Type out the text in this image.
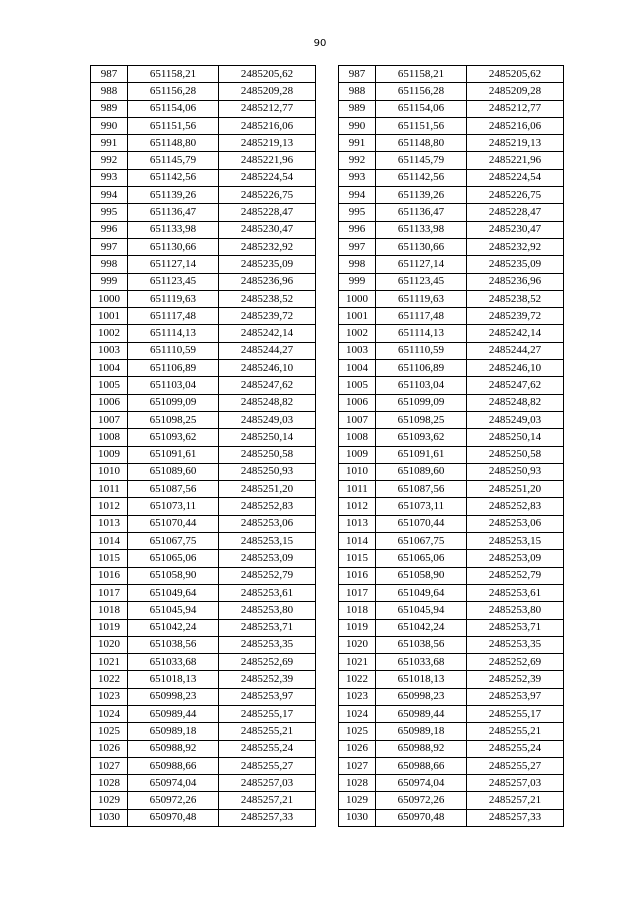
90
987	651158,21	2485205,62
988	651156,28	2485209,28
989	651154,06	2485212,77
990	651151,56	2485216,06
991	651148,80	2485219,13
992	651145,79	2485221,96
993	651142,56	2485224,54
994	651139,26	2485226,75
995	651136,47	2485228,47
996	651133,98	2485230,47
997	651130,66	2485232,92
998	651127,14	2485235,09
999	651123,45	2485236,96
1000	651119,63	2485238,52
1001	651117,48	2485239,72
1002	651114,13	2485242,14
1003	651110,59	2485244,27
1004	651106,89	2485246,10
1005	651103,04	2485247,62
1006	651099,09	2485248,82
1007	651098,25	2485249,03
1008	651093,62	2485250,14
1009	651091,61	2485250,58
1010	651089,60	2485250,93
1011	651087,56	2485251,20
1012	651073,11	2485252,83
1013	651070,44	2485253,06
1014	651067,75	2485253,15
1015	651065,06	2485253,09
1016	651058,90	2485252,79
1017	651049,64	2485253,61
1018	651045,94	2485253,80
1019	651042,24	2485253,71
1020	651038,56	2485253,35
1021	651033,68	2485252,69
1022	651018,13	2485252,39
1023	650998,23	2485253,97
1024	650989,44	2485255,17
1025	650989,18	2485255,21
1026	650988,92	2485255,24
1027	650988,66	2485255,27
1028	650974,04	2485257,03
1029	650972,26	2485257,21
1030	650970,48	2485257,33
987	651158,21	2485205,62
988	651156,28	2485209,28
989	651154,06	2485212,77
990	651151,56	2485216,06
991	651148,80	2485219,13
992	651145,79	2485221,96
993	651142,56	2485224,54
994	651139,26	2485226,75
995	651136,47	2485228,47
996	651133,98	2485230,47
997	651130,66	2485232,92
998	651127,14	2485235,09
999	651123,45	2485236,96
1000	651119,63	2485238,52
1001	651117,48	2485239,72
1002	651114,13	2485242,14
1003	651110,59	2485244,27
1004	651106,89	2485246,10
1005	651103,04	2485247,62
1006	651099,09	2485248,82
1007	651098,25	2485249,03
1008	651093,62	2485250,14
1009	651091,61	2485250,58
1010	651089,60	2485250,93
1011	651087,56	2485251,20
1012	651073,11	2485252,83
1013	651070,44	2485253,06
1014	651067,75	2485253,15
1015	651065,06	2485253,09
1016	651058,90	2485252,79
1017	651049,64	2485253,61
1018	651045,94	2485253,80
1019	651042,24	2485253,71
1020	651038,56	2485253,35
1021	651033,68	2485252,69
1022	651018,13	2485252,39
1023	650998,23	2485253,97
1024	650989,44	2485255,17
1025	650989,18	2485255,21
1026	650988,92	2485255,24
1027	650988,66	2485255,27
1028	650974,04	2485257,03
1029	650972,26	2485257,21
1030	650970,48	2485257,33
